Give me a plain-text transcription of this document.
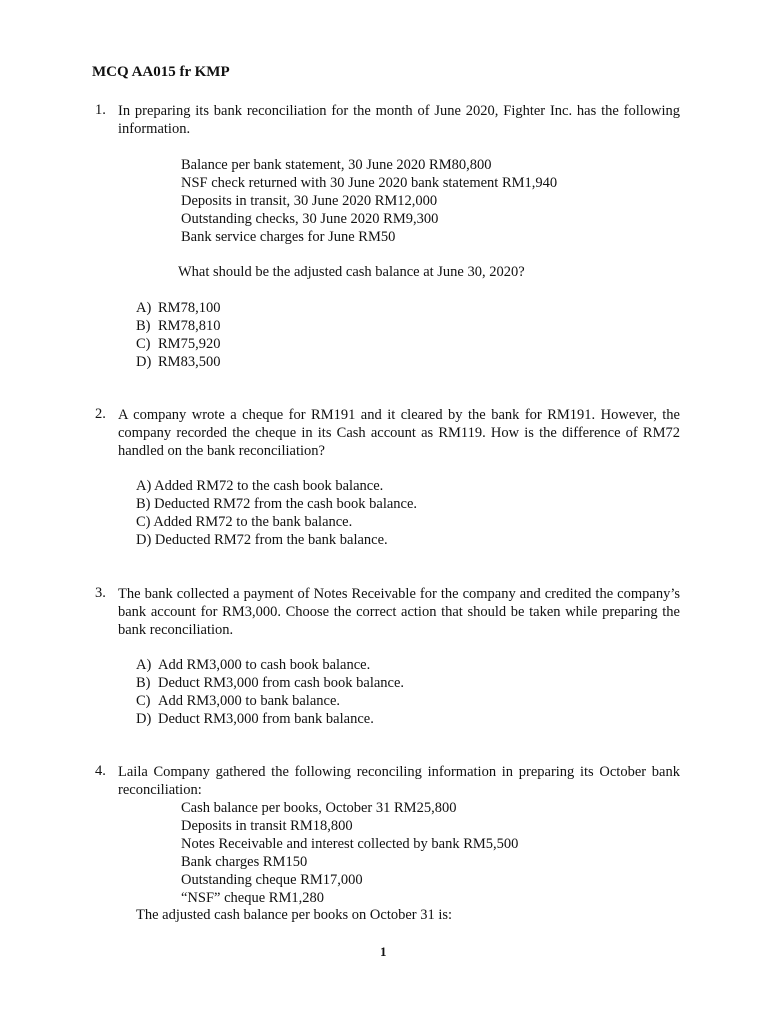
MCQ AA015 fr KMP
1. In preparing its bank reconciliation for the month of June 2020, Fighter Inc. has the following information.
Balance per bank statement, 30 June 2020 RM80,800
NSF check returned with 30 June 2020 bank statement RM1,940
Deposits in transit, 30 June 2020 RM12,000
Outstanding checks, 30 June 2020 RM9,300
Bank service charges for June RM50
What should be the adjusted cash balance at June 30, 2020?
A) RM78,100
B) RM78,810
C) RM75,920
D) RM83,500
2. A company wrote a cheque for RM191 and it cleared by the bank for RM191. However, the company recorded the cheque in its Cash account as RM119. How is the difference of RM72 handled on the bank reconciliation?
A) Added RM72 to the cash book balance.
B) Deducted RM72 from the cash book balance.
C) Added RM72 to the bank balance.
D) Deducted RM72 from the bank balance.
3. The bank collected a payment of Notes Receivable for the company and credited the company’s bank account for RM3,000. Choose the correct action that should be taken while preparing the bank reconciliation.
A) Add RM3,000 to cash book balance.
B) Deduct RM3,000 from cash book balance.
C) Add RM3,000 to bank balance.
D) Deduct RM3,000 from bank balance.
4. Laila Company gathered the following reconciling information in preparing its October bank reconciliation:
Cash balance per books, October 31 RM25,800
Deposits in transit RM18,800
Notes Receivable and interest collected by bank RM5,500
Bank charges RM150
Outstanding cheque RM17,000
“NSF” cheque RM1,280
The adjusted cash balance per books on October 31 is:
1
